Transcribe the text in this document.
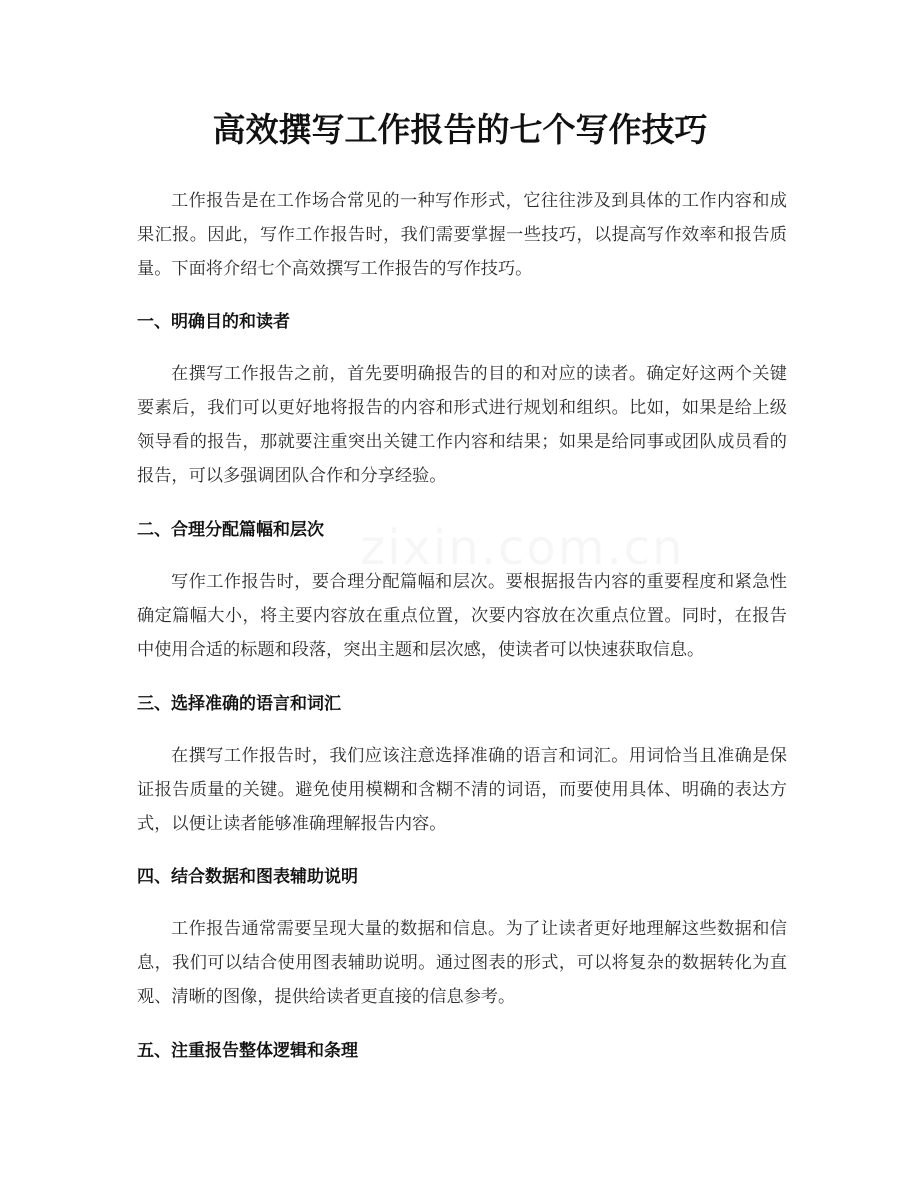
高效撰写工作报告的七个写作技巧

工作报告是在工作场合常见的一种写作形式，它往往涉及到具体的工作内容和成果汇报。因此，写作工作报告时，我们需要掌握一些技巧，以提高写作效率和报告质量。下面将介绍七个高效撰写工作报告的写作技巧。

一、明确目的和读者

在撰写工作报告之前，首先要明确报告的目的和对应的读者。确定好这两个关键要素后，我们可以更好地将报告的内容和形式进行规划和组织。比如，如果是给上级领导看的报告，那就要注重突出关键工作内容和结果；如果是给同事或团队成员看的报告，可以多强调团队合作和分享经验。

二、合理分配篇幅和层次

写作工作报告时，要合理分配篇幅和层次。要根据报告内容的重要程度和紧急性确定篇幅大小，将主要内容放在重点位置，次要内容放在次重点位置。同时，在报告中使用合适的标题和段落，突出主题和层次感，使读者可以快速获取信息。

三、选择准确的语言和词汇

在撰写工作报告时，我们应该注意选择准确的语言和词汇。用词恰当且准确是保证报告质量的关键。避免使用模糊和含糊不清的词语，而要使用具体、明确的表达方式，以便让读者能够准确理解报告内容。

四、结合数据和图表辅助说明

工作报告通常需要呈现大量的数据和信息。为了让读者更好地理解这些数据和信息，我们可以结合使用图表辅助说明。通过图表的形式，可以将复杂的数据转化为直观、清晰的图像，提供给读者更直接的信息参考。

五、注重报告整体逻辑和条理
